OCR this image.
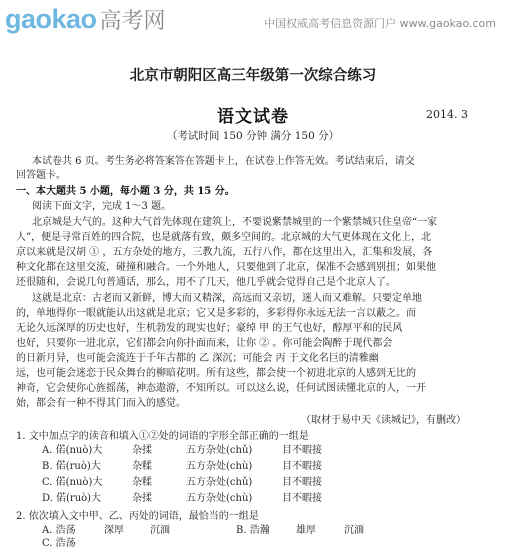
gaokao 高考网	中国权威高考信息资源门户 www.gaokao.com
北京市朝阳区高三年级第一次综合练习
语文试卷	2014. 3
（考试时间 150 分钟 满分 150 分）
本试卷共 6 页。考生务必将答案答在答题卡上，在试卷上作答无效。考试结束后，请交
回答题卡。
一、本大题共 5 小题，每小题 3 分，共 15 分。
阅读下面文字，完成 1～3 题。
北京城是大气的。这种大气首先体现在建筑上，不要说紫禁城里的一个紫禁城只住皇帝“一家
人”，便是寻常百姓的四合院，也是就落有致，颇多空间的。北京城的大气更体现在文化上，北
京以来就是汉胡 ① ，五方杂处的地方，三教九流，五行八作，都在这里出入，汇集和发展，各
种文化都在这里交流，碰撞和融合。一个外地人，只要他到了北京，保准不会感到别扭；如果他
还很随和，会说几句普通话，那么，用不了几天，他几乎就会觉得自己是个北京人了。
这就是北京：古老而又新鲜，博大而又精深，高远而又亲切，迷人而又难解。只要定单地
的，单地得你一眼就能认出这就是北京；它又是多彩的，多彩得你永远无法一言以蔽之。而
无论久远深厚的历史也好，生机勃发的现实也好；豪绰 甲 的王气也好，醇厚平和的民风
也好，只要你一进北京，它们都会向你扑面而来，让你 ② 。你可能会陶醉于现代都会
的日新月异，也可能会流连于千年古都的 乙 深沉；可能会 丙 于文化名巨的清雅幽
远，也可能会迷恋于民众舞台的柳暗花明。所有这些，都会使一个初进北京的人感到无比的
神奇，它会使你心旌摇荡，神态遨游，不知所以。可以这么说，任何试图读懂北京的人，一开
始，都会有一种不得其门而入的感觉。
（取材于易中天《读城记》，有删改）
1. 文中加点字的读音和填入①②处的词语的字形全部正确的一组是
A. 偌(nuò)大	杂揉	五方杂处(chǔ)	目不暇接
B. 偌(ruò)大	杂糅	五方杂处(chù)	目不暇接
C. 偌(nuò)大	杂糅	五方杂处(chǔ)	目不暇接
D. 偌(ruò)大	杂揉	五方杂处(chù)	目不暇接
2. 依次填入文中甲、乙、丙处的词语，最恰当的一组是
A. 浩荡	深厚	沉湎	B. 浩瀚	雄厚	沉湎
C. 浩荡
